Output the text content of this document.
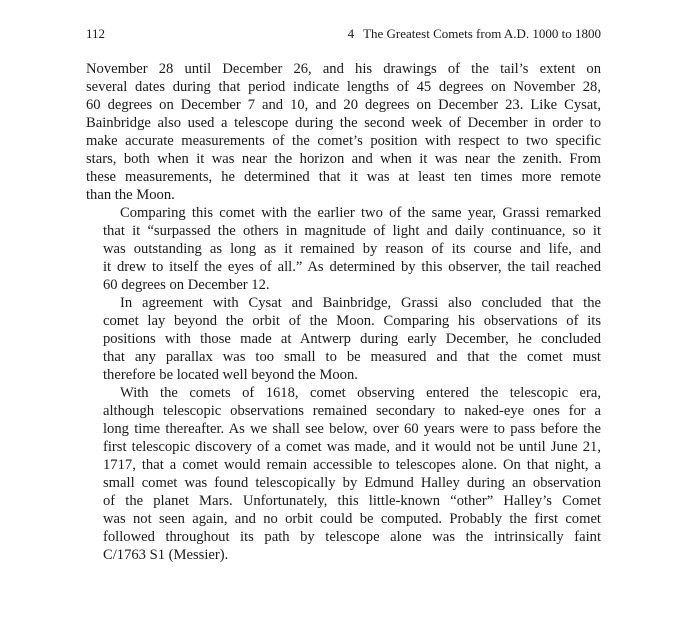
112	4 The Greatest Comets from A.D. 1000 to 1800
November 28 until December 26, and his drawings of the tail’s extent on
several dates during that period indicate lengths of 45 degrees on November 28,
60 degrees on December 7 and 10, and 20 degrees on December 23. Like Cysat,
Bainbridge also used a telescope during the second week of December in order to
make accurate measurements of the comet’s position with respect to two specific
stars, both when it was near the horizon and when it was near the zenith. From
these measurements, he determined that it was at least ten times more remote
than the Moon.
Comparing this comet with the earlier two of the same year, Grassi remarked
that it “surpassed the others in magnitude of light and daily continuance, so it
was outstanding as long as it remained by reason of its course and life, and
it drew to itself the eyes of all.” As determined by this observer, the tail reached
60 degrees on December 12.
In agreement with Cysat and Bainbridge, Grassi also concluded that the
comet lay beyond the orbit of the Moon. Comparing his observations of its
positions with those made at Antwerp during early December, he concluded
that any parallax was too small to be measured and that the comet must
therefore be located well beyond the Moon.
With the comets of 1618, comet observing entered the telescopic era,
although telescopic observations remained secondary to naked-eye ones for a
long time thereafter. As we shall see below, over 60 years were to pass before the
first telescopic discovery of a comet was made, and it would not be until June 21,
1717, that a comet would remain accessible to telescopes alone. On that night, a
small comet was found telescopically by Edmund Halley during an observation
of the planet Mars. Unfortunately, this little-known “other” Halley’s Comet
was not seen again, and no orbit could be computed. Probably the first comet
followed throughout its path by telescope alone was the intrinsically faint
C/1763 S1 (Messier).
